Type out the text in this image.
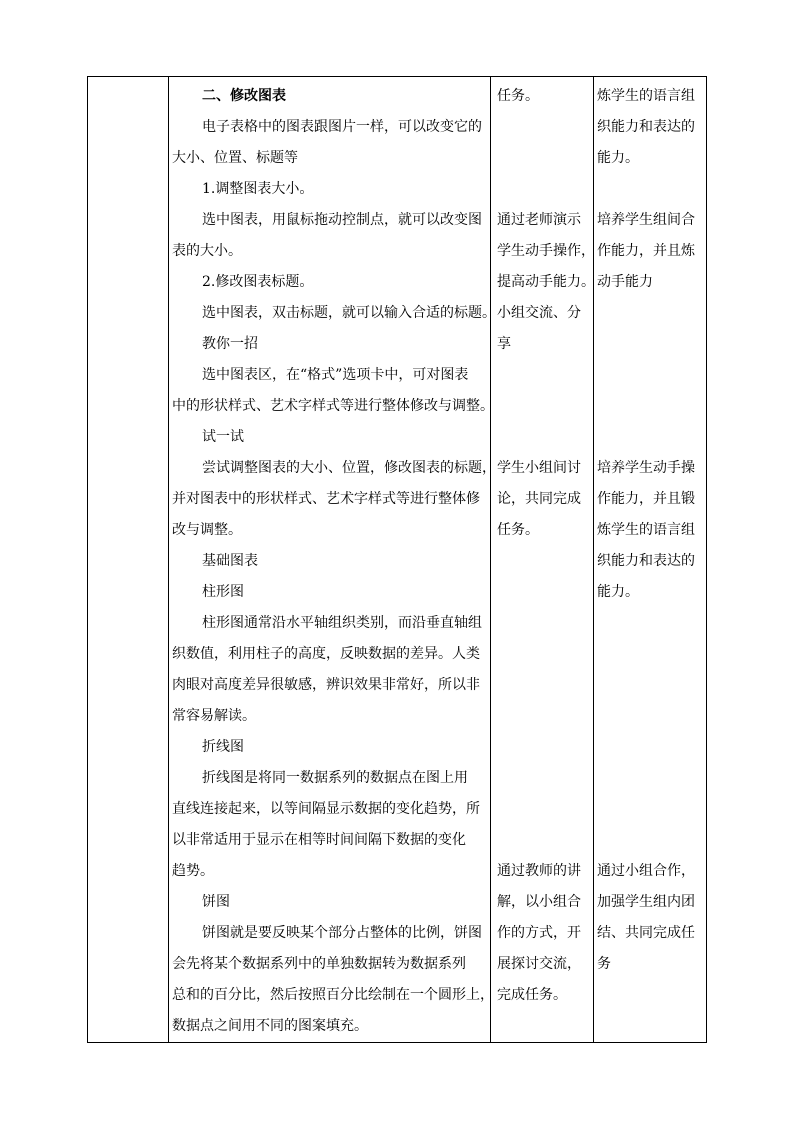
二、修改图表
电子表格中的图表跟图片一样，可以改变它的
大小、位置、标题等
1.调整图表大小。
选中图表，用鼠标拖动控制点，就可以改变图
表的大小。
2.修改图表标题。
选中图表，双击标题，就可以输入合适的标题。
教你一招
选中图表区，在“格式”选项卡中，可对图表
中的形状样式、艺术字样式等进行整体修改与调整。
试一试
尝试调整图表的大小、位置，修改图表的标题，
并对图表中的形状样式、艺术字样式等进行整体修
改与调整。
基础图表
柱形图
柱形图通常沿水平轴组织类别，而沿垂直轴组
织数值，利用柱子的高度，反映数据的差异。人类
肉眼对高度差异很敏感，辨识效果非常好，所以非
常容易解读。
折线图
折线图是将同一数据系列的数据点在图上用
直线连接起来，以等间隔显示数据的变化趋势，所
以非常适用于显示在相等时间间隔下数据的变化
趋势。
饼图
饼图就是要反映某个部分占整体的比例，饼图
会先将某个数据系列中的单独数据转为数据系列
总和的百分比，然后按照百分比绘制在一个圆形上，
数据点之间用不同的图案填充。
任务。
通过老师演示
学生动手操作，
提高动手能力。
小组交流、分
享
学生小组间讨
论，共同完成
任务。
通过教师的讲
解，以小组合
作的方式，开
展探讨交流，
完成任务。
炼学生的语言组
织能力和表达的
能力。
培养学生组间合
作能力，并且炼
动手能力
培养学生动手操
作能力，并且锻
炼学生的语言组
织能力和表达的
能力。
通过小组合作，
加强学生组内团
结、共同完成任
务
